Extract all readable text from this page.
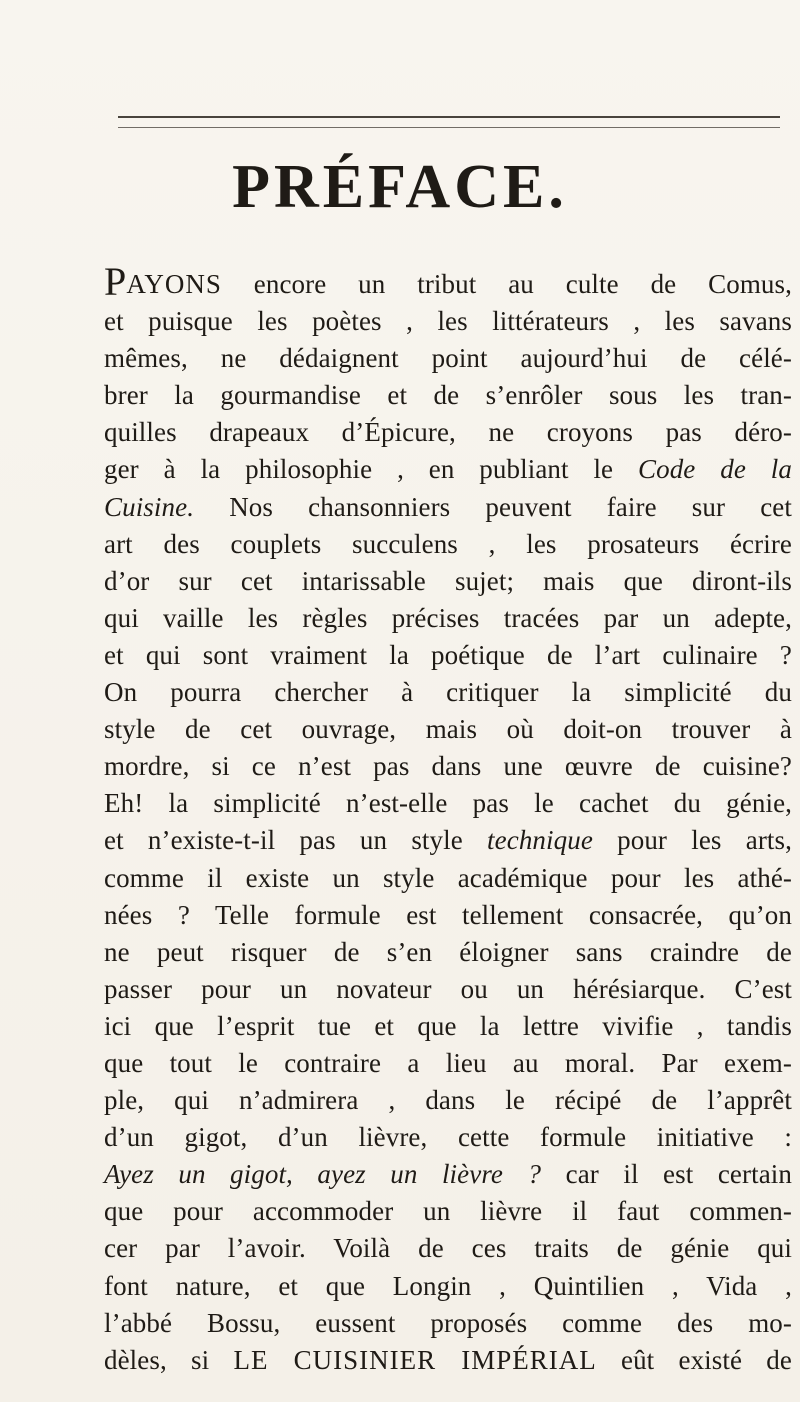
PRÉFACE.
PAYONS encore un tribut au culte de Comus,
et puisque les poètes , les littérateurs , les savans
mêmes, ne dédaignent point aujourd’hui de célé-
brer la gourmandise et de s’enrôler sous les tran-
quilles drapeaux d’Épicure, ne croyons pas déro-
ger à la philosophie , en publiant le Code de la
Cuisine. Nos chansonniers peuvent faire sur cet
art des couplets succulens , les prosateurs écrire
d’or sur cet intarissable sujet; mais que diront-ils
qui vaille les règles précises tracées par un adepte,
et qui sont vraiment la poétique de l’art culinaire ?
On pourra chercher à critiquer la simplicité du
style de cet ouvrage, mais où doit-on trouver à
mordre, si ce n’est pas dans une œuvre de cuisine?
Eh! la simplicité n’est-elle pas le cachet du génie,
et n’existe-t-il pas un style technique pour les arts,
comme il existe un style académique pour les athé-
nées ? Telle formule est tellement consacrée, qu’on
ne peut risquer de s’en éloigner sans craindre de
passer pour un novateur ou un hérésiarque. C’est
ici que l’esprit tue et que la lettre vivifie , tandis
que tout le contraire a lieu au moral. Par exem-
ple, qui n’admirera , dans le récipé de l’apprêt
d’un gigot, d’un lièvre, cette formule initiative :
Ayez un gigot, ayez un lièvre ? car il est certain
que pour accommoder un lièvre il faut commen-
cer par l’avoir. Voilà de ces traits de génie qui
font nature, et que Longin , Quintilien , Vida ,
l’abbé Bossu, eussent proposés comme des mo-
dèles, si LE CUISINIER IMPÉRIAL eût existé de
